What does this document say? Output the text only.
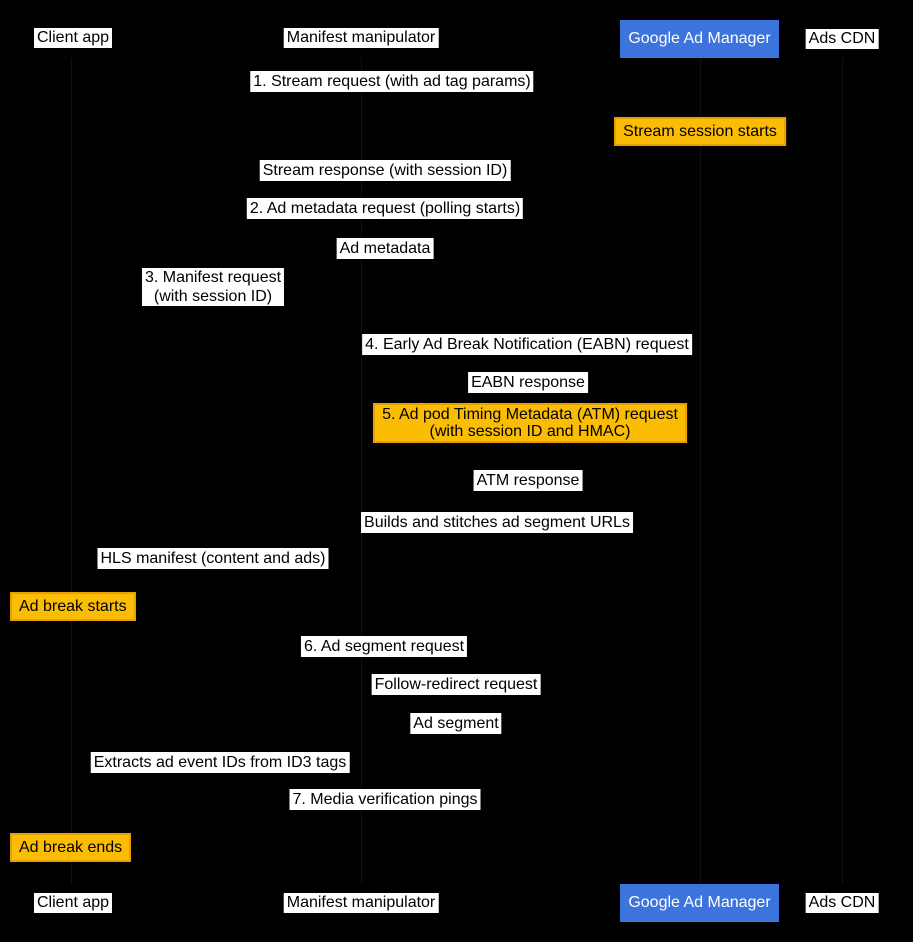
Client app	Manifest manipulator	Google Ad Manager	Ads CDN
1. Stream request (with ad tag params)
Stream session starts
Stream response (with session ID)
2. Ad metadata request (polling starts)
Ad metadata
3. Manifest request
(with session ID)
4. Early Ad Break Notification (EABN) request
EABN response
5. Ad pod Timing Metadata (ATM) request
(with session ID and HMAC)
ATM response
Builds and stitches ad segment URLs
HLS manifest (content and ads)
Ad break starts
6. Ad segment request
Follow-redirect request
Ad segment
Extracts ad event IDs from ID3 tags
7. Media verification pings
Ad break ends
Client app	Manifest manipulator	Google Ad Manager	Ads CDN
